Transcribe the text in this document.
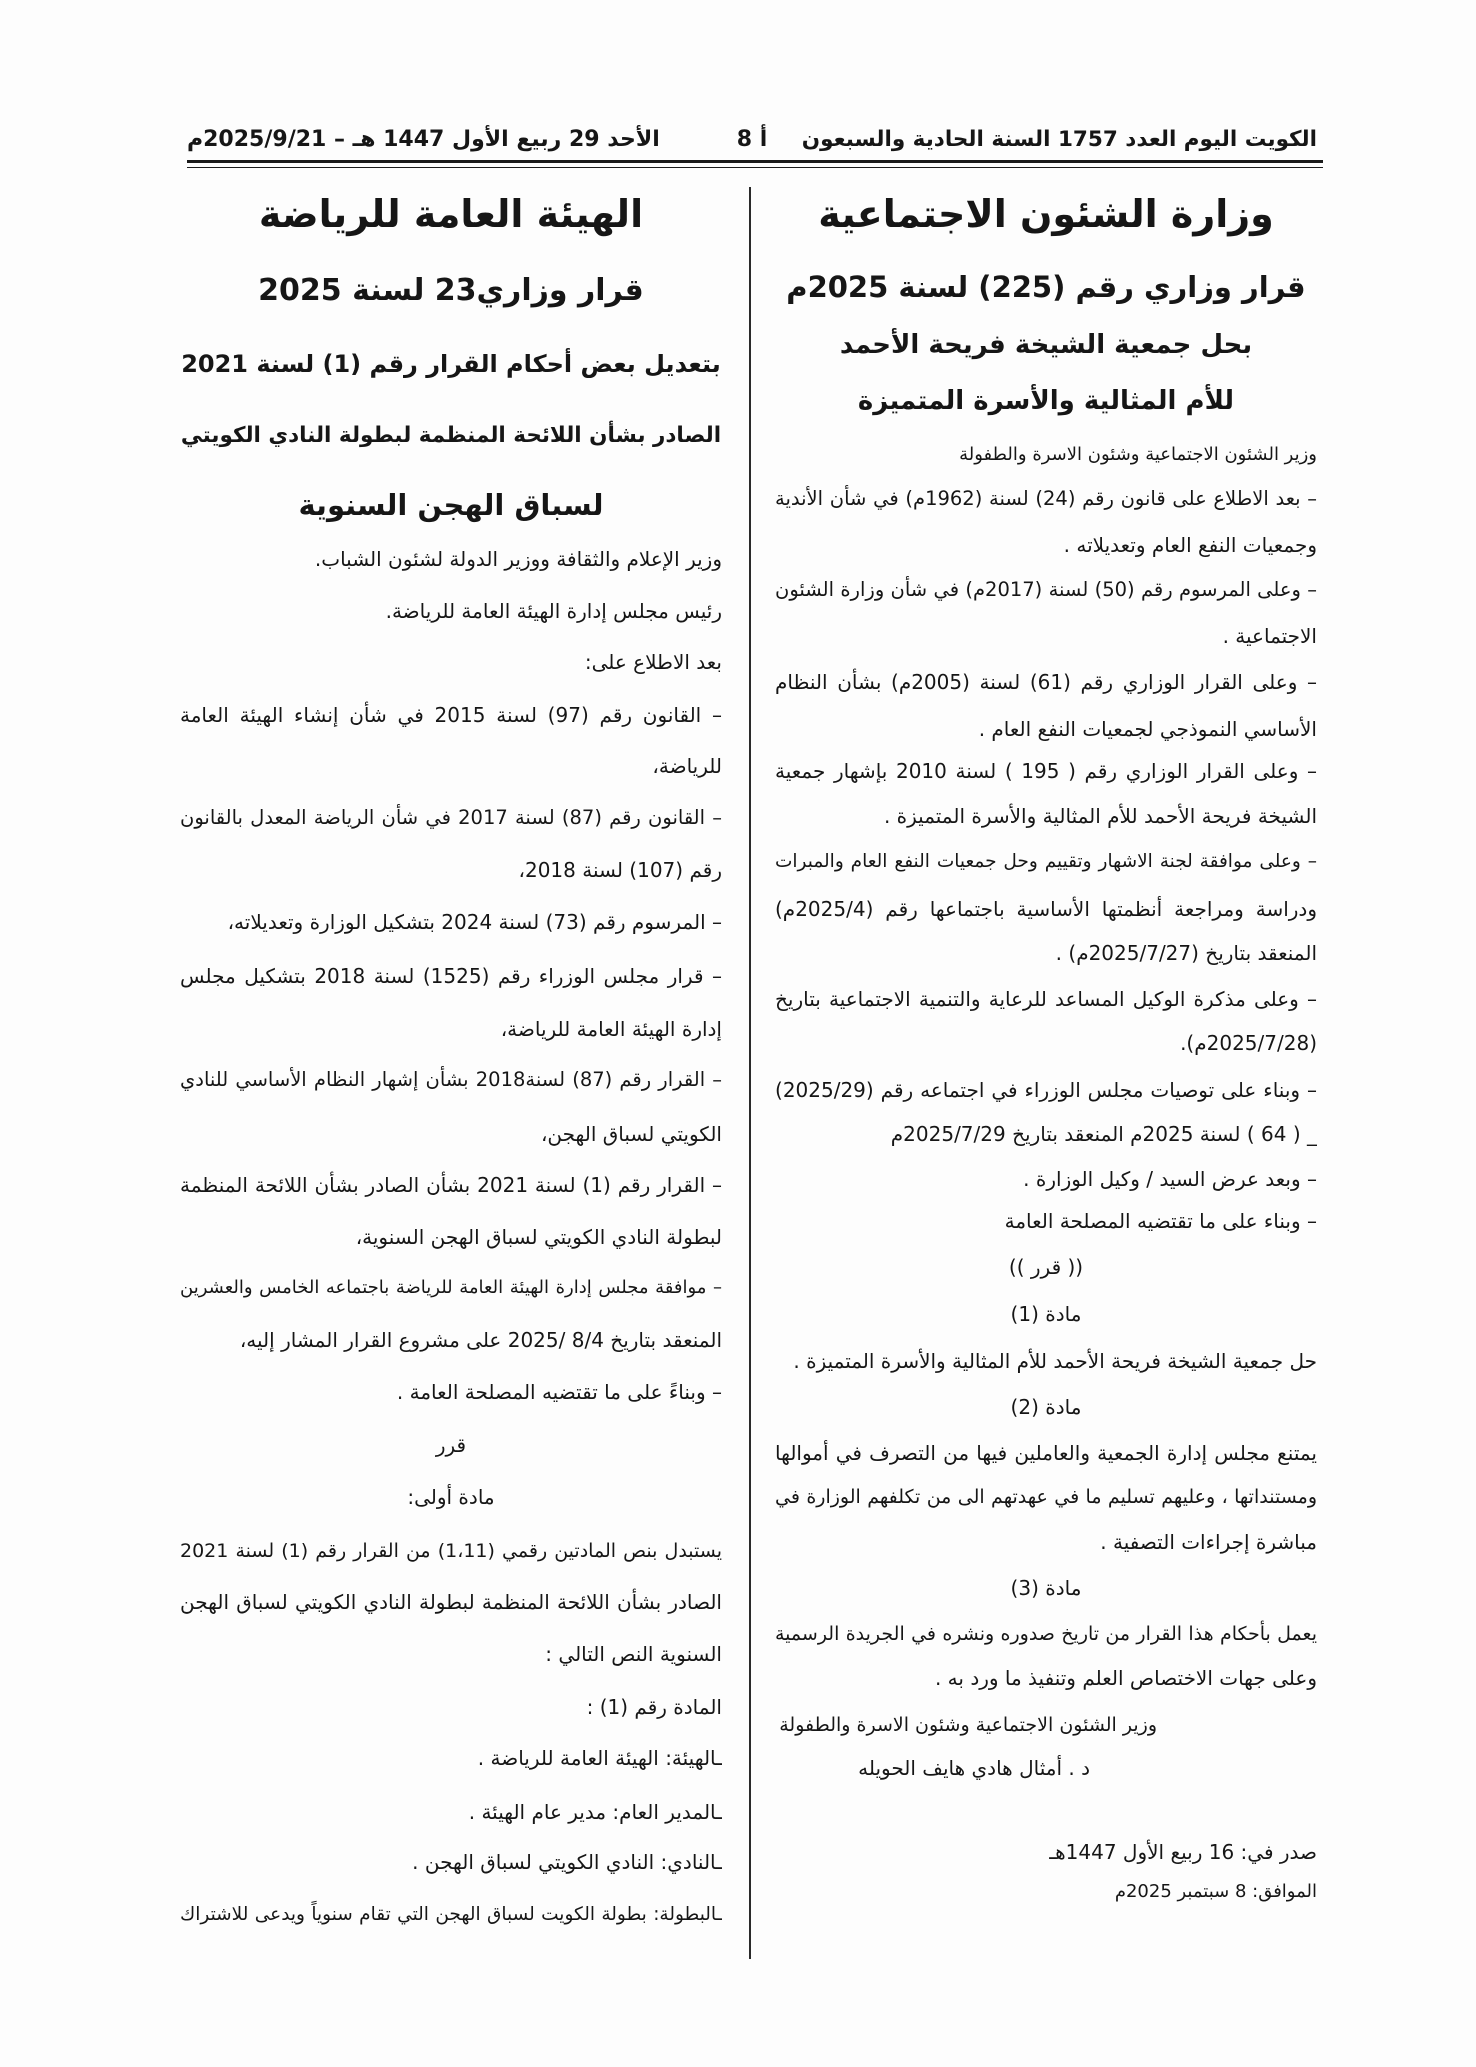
الكويت اليوم العدد 1757 السنة الحادية والسبعون
أ 8
الأحد 29 ربيع الأول 1447 هـ – 2025/9/21م
وزارة الشئون الاجتماعية
قرار وزاري رقم (225) لسنة 2025م
بحل جمعية الشيخة فريحة الأحمد
للأم المثالية والأسرة المتميزة
وزير الشئون الاجتماعية وشئون الاسرة والطفولة
– بعد الاطلاع على قانون رقم (24) لسنة (1962م) في شأن الأندية
وجمعيات النفع العام وتعديلاته .
– وعلى المرسوم رقم (50) لسنة (2017م) في شأن وزارة الشئون
الاجتماعية .
– وعلى القرار الوزاري رقم (61) لسنة (2005م) بشأن النظام
الأساسي النموذجي لجمعيات النفع العام .
– وعلى القرار الوزاري رقم ( 195 ) لسنة 2010 بإشهار جمعية
الشيخة فريحة الأحمد للأم المثالية والأسرة المتميزة .
– وعلى موافقة لجنة الاشهار وتقييم وحل جمعيات النفع العام والمبرات
ودراسة ومراجعة أنظمتها الأساسية باجتماعها رقم (2025/4م)
المنعقد بتاريخ (2025/7/27م) .
– وعلى مذكرة الوكيل المساعد للرعاية والتنمية الاجتماعية بتاريخ
(2025/7/28م).
– وبناء على توصيات مجلس الوزراء في اجتماعه رقم (2025/29)
_ ( 64 ) لسنة 2025م المنعقد بتاريخ 2025/7/29م
– وبعد عرض السيد / وكيل الوزارة .
– وبناء على ما تقتضيه المصلحة العامة
(( قرر ))
مادة (1)
حل جمعية الشيخة فريحة الأحمد للأم المثالية والأسرة المتميزة .
مادة (2)
يمتنع مجلس إدارة الجمعية والعاملين فيها من التصرف في أموالها
ومستنداتها ، وعليهم تسليم ما في عهدتهم الى من تكلفهم الوزارة في
مباشرة إجراءات التصفية .
مادة (3)
يعمل بأحكام هذا القرار من تاريخ صدوره ونشره في الجريدة الرسمية
وعلى جهات الاختصاص العلم وتنفيذ ما ورد به .
وزير الشئون الاجتماعية وشئون الاسرة والطفولة
د . أمثال هادي هايف الحويله
صدر في: 16 ربيع الأول 1447هـ
الموافق: 8 سبتمبر 2025م
الهيئة العامة للرياضة
قرار وزاري23 لسنة 2025
بتعديل بعض أحكام القرار رقم (1) لسنة 2021
الصادر بشأن اللائحة المنظمة لبطولة النادي الكويتي
لسباق الهجن السنوية
وزير الإعلام والثقافة ووزير الدولة لشئون الشباب.
رئيس مجلس إدارة الهيئة العامة للرياضة.
بعد الاطلاع على:
– القانون رقم (97) لسنة 2015 في شأن إنشاء الهيئة العامة
للرياضة،
– القانون رقم (87) لسنة 2017 في شأن الرياضة المعدل بالقانون
رقم (107) لسنة 2018،
– المرسوم رقم (73) لسنة 2024 بتشكيل الوزارة وتعديلاته،
– قرار مجلس الوزراء رقم (1525) لسنة 2018 بتشكيل مجلس
إدارة الهيئة العامة للرياضة،
– القرار رقم (87) لسنة2018 بشأن إشهار النظام الأساسي للنادي
الكويتي لسباق الهجن،
– القرار رقم (1) لسنة 2021 بشأن الصادر بشأن اللائحة المنظمة
لبطولة النادي الكويتي لسباق الهجن السنوية،
– موافقة مجلس إدارة الهيئة العامة للرياضة باجتماعه الخامس والعشرين
المنعقد بتاريخ 8/4 /2025 على مشروع القرار المشار إليه،
– وبناءً على ما تقتضيه المصلحة العامة .
قرر
مادة أولى:
يستبدل بنص المادتين رقمي (1،11) من القرار رقم (1) لسنة 2021
الصادر بشأن اللائحة المنظمة لبطولة النادي الكويتي لسباق الهجن
السنوية النص التالي :
المادة رقم (1) :
ـالهيئة: الهيئة العامة للرياضة .
ـالمدير العام: مدير عام الهيئة .
ـالنادي: النادي الكويتي لسباق الهجن .
ـالبطولة: بطولة الكويت لسباق الهجن التي تقام سنوياً ويدعى للاشتراك
